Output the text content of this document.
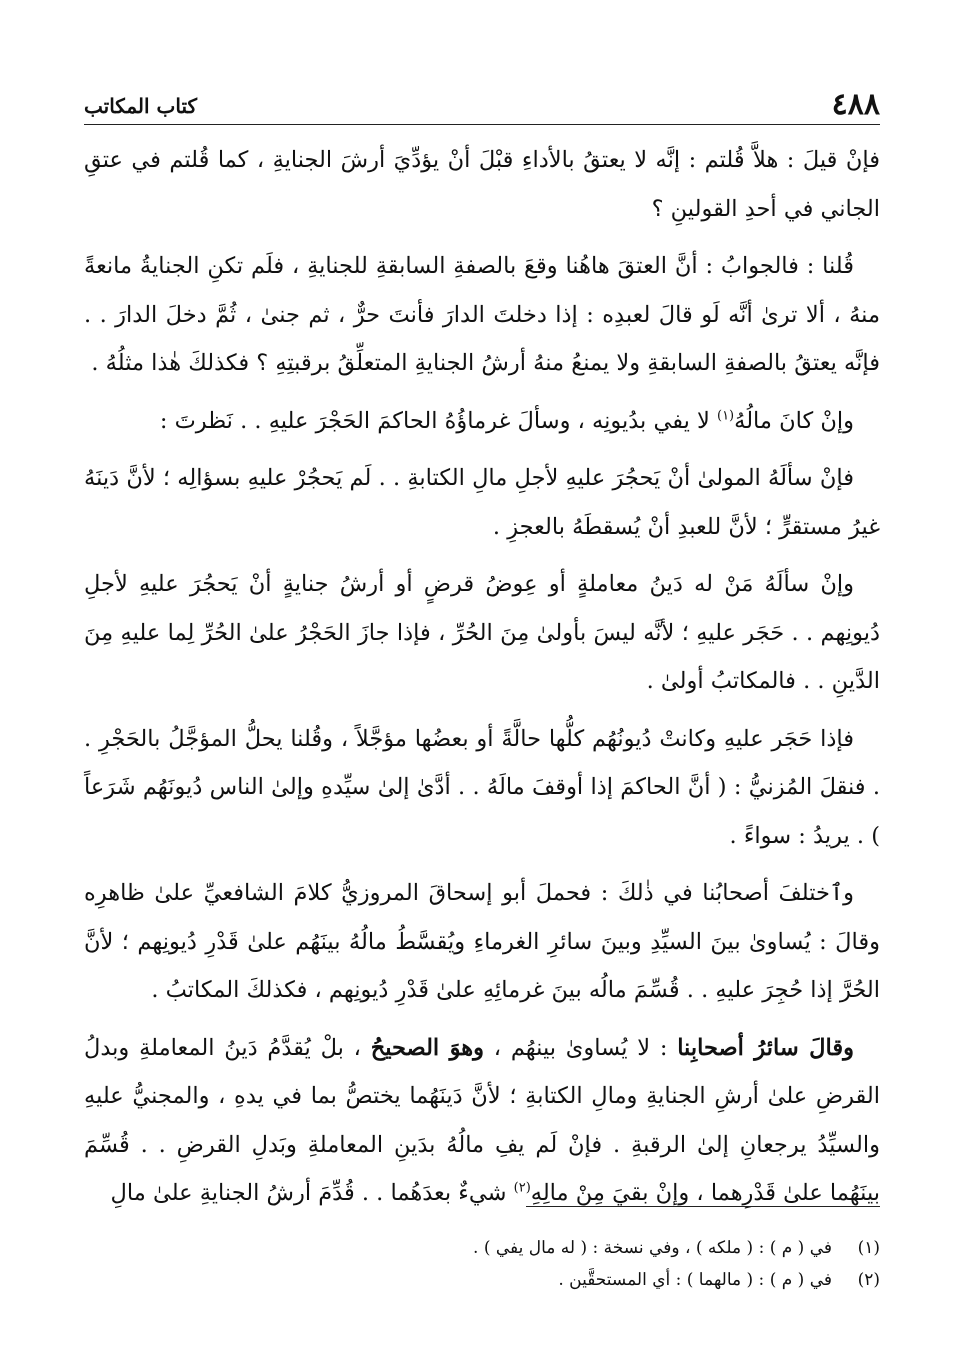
٤٨٨
كتاب المكاتب

فإنْ قيلَ : هلاَّ قُلتم : إنَّه لا يعتقُ بالأداءِ قبْلَ أنْ يؤدِّيَ أرشَ الجنايةِ ، كما قُلتم في عتقِ الجاني في أحدِ القولينِ ؟

قُلنا : فالجوابُ : أنَّ العتقَ هاهُنا وقعَ بالصفةِ السابقةِ للجنايةِ ، فلَم تكنِ الجنايةُ مانعةً منهُ ، ألا ترىٰ أنَّه لَو قالَ لعبدِه : إذا دخلتَ الدارَ فأنتَ حرٌّ ، ثم جنىٰ ، ثُمَّ دخلَ الدارَ . . فإنَّه يعتقُ بالصفةِ السابقةِ ولا يمنعُ منهُ أرشُ الجنايةِ المتعلِّقُ برقبتِهِ ؟ فكذلكَ هٰذا مثلُهُ .

وإنْ كانَ مالُهُ$^{(١)}$ لا يفي بدُيونِه ، وسألَ غرماؤُهُ الحاكمَ الحَجْرَ عليهِ . . نَظرتَ :

فإنْ سألَهُ المولىٰ أنْ يَحجُرَ عليهِ لأجلِ مالِ الكتابةِ . . لَم يَحجُرْ عليهِ بسؤالِه ؛ لأنَّ دَينَهُ غيرُ مستقرٍّ ؛ لأنَّ للعبدِ أنْ يُسقطَهُ بالعجزِ .

وإنْ سألَهُ مَنْ له دَينُ معاملةٍ أو عِوضُ قرضٍ أو أرشُ جنايةٍ أنْ يَحجُرَ عليهِ لأجلِ دُيونِهم . . حَجَر عليهِ ؛ لأنَّه ليسَ بأولىٰ مِنَ الحُرِّ ، فإذا جازَ الحَجْرُ علىٰ الحُرِّ لِما عليهِ مِنَ الدَّينِ . . فالمكاتبُ أولىٰ .

فإذا حَجَر عليهِ وكانتْ دُيونُهُم كلُّها حالَّةً أو بعضُها مؤجَّلاً ، وقُلنا يحلُّ المؤجَّلُ بالحَجْرِ . . فنقلَ المُزنيُّ : ( أنَّ الحاكمَ إذا أوقفَ مالَهُ . . أدَّىٰ إلىٰ سيِّدهِ وإلىٰ الناس دُيونَهُم شَرَعاً ) . يريدُ : سواءً .

وٱختلفَ أصحابُنا في ذٰلكَ : فحملَ أبو إسحاقَ المروزيُّ كلامَ الشافعيِّ علىٰ ظاهرِه وقالَ : يُساوىٰ بينَ السيِّدِ وبينَ سائرِ الغرماءِ ويُقسَّطُ مالُهُ بينَهُم علىٰ قَدْرِ دُيونِهم ؛ لأنَّ الحُرَّ إذا حُجِرَ عليهِ . . قُسِّمَ مالُه بينَ غرمائِهِ علىٰ قَدْرِ دُيونِهم ، فكذلكَ المكاتبُ .

وقالَ سائرُ أصحابِنا : لا يُساوىٰ بينهُم ، وهوَ الصحيحُ ، بلْ يُقدَّمُ دَينُ المعاملةِ وبدلُ القرضِ علىٰ أرشِ الجنايةِ ومالِ الكتابةِ ؛ لأنَّ دَينَهُما يختصُّ بما في يدهِ ، والمجنيُّ عليهِ والسيِّدُ يرجعانِ إلىٰ الرقبةِ . فإنْ لَم يفِ مالُهُ بدَينِ المعاملةِ وبَدلِ القرضِ . . قُسِّمَ بينَهُما علىٰ قَدْرِهما ، وإنْ بقيَ مِنْ مالِهِ$^{(٢)}$ شيءٌ بعدَهُما . . قُدِّمَ أرشُ الجنايةِ علىٰ مالِ

(١)
في ( م ) : ( ملكه ) ، وفي نسخة : ( له مال يفي ) .
(٢)
في ( م ) : ( مالهما ) : أي المستحقَّين .
